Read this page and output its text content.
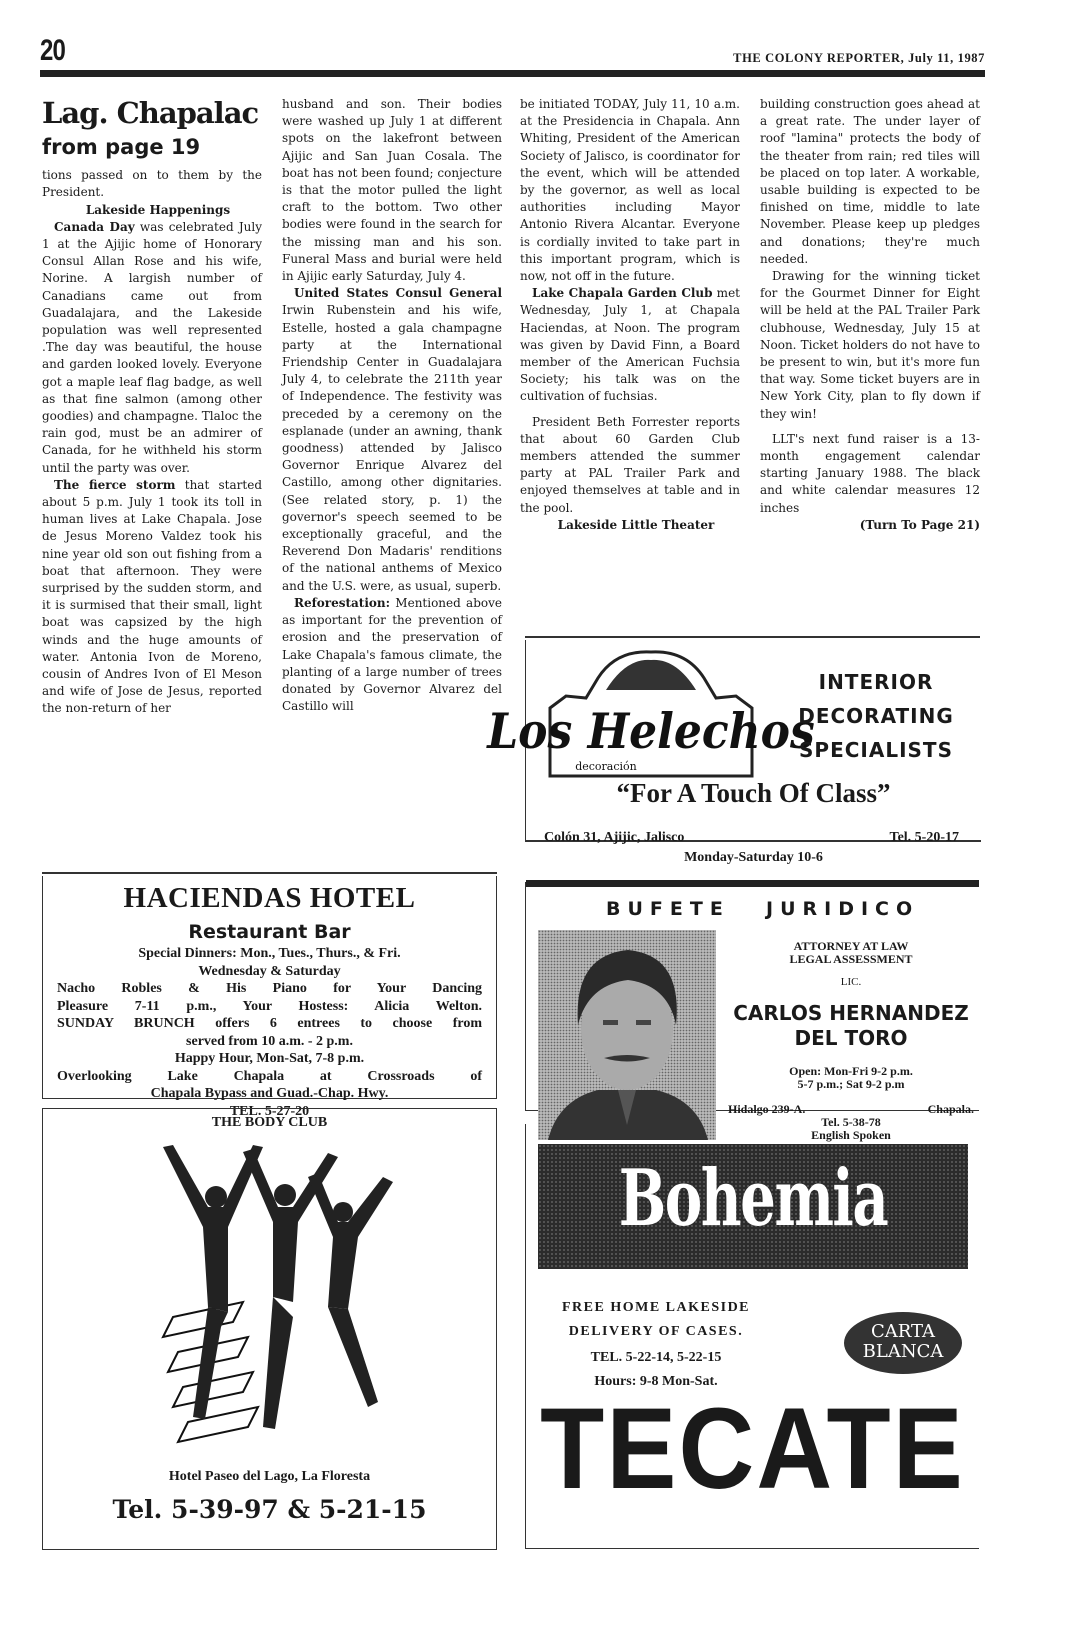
20	THE COLONY REPORTER, July 11, 1987

Lag. Chapalac

from page 19

tions passed on to them by the President.

Lakeside Happenings

Canada Day was celebrated July 1 at the Ajijic home of Honorary Consul Allan Rose and his wife, Norine. A largish number of Canadians came out from Guadalajara, and the Lakeside population was well represented .The day was beautiful, the house and garden looked lovely. Everyone got a maple leaf flag badge, as well as that fine salmon (among other goodies) and champagne. Tlaloc the rain god, must be an admirer of Canada, for he withheld his storm until the party was over.

The fierce storm that started about 5 p.m. July 1 took its toll in human lives at Lake Chapala. Jose de Jesus Moreno Valdez took his nine year old son out fishing from a boat that afternoon. They were surprised by the sudden storm, and it is surmised that their small, light boat was capsized by the high winds and the huge amounts of water. Antonia Ivon de Moreno, cousin of Andres Ivon of El Meson and wife of Jose de Jesus, reported the non-return of her

husband and son. Their bodies were washed up July 1 at different spots on the lakefront between Ajijic and San Juan Cosala. The boat has not been found; conjecture is that the motor pulled the light craft to the bottom. Two other bodies were found in the search for the missing man and his son. Funeral Mass and burial were held in Ajijic early Saturday, July 4.

United States Consul General Irwin Rubenstein and his wife, Estelle, hosted a gala champagne party at the International Friendship Center in Guadalajara July 4, to celebrate the 211th year of Independence. The festivity was preceded by a ceremony on the esplanade (under an awning, thank goodness) attended by Jalisco Governor Enrique Alvarez del Castillo, among other dignitaries. (See related story, p. 1) the governor's speech seemed to be exceptionally graceful, and the Reverend Don Madaris' renditions of the national anthems of Mexico and the U.S. were, as usual, superb.

Reforestation: Mentioned above as important for the prevention of erosion and the preservation of Lake Chapala's famous climate, the planting of a large number of trees donated by Governor Alvarez del Castillo will

be initiated TODAY, July 11, 10 a.m. at the Presidencia in Chapala. Ann Whiting, President of the American Society of Jalisco, is coordinator for the event, which will be attended by the governor, as well as local authorities including Mayor Antonio Rivera Alcantar. Everyone is cordially invited to take part in this important program, which is now, not off in the future.

Lake Chapala Garden Club met Wednesday, July 1, at Chapala Haciendas, at Noon. The program was given by David Finn, a Board member of the American Fuchsia Society; his talk was on the cultivation of fuchsias.

President Beth Forrester reports that about 60 Garden Club members attended the summer party at PAL Trailer Park and enjoyed themselves at table and in the pool.

Lakeside Little Theater

building construction goes ahead at a great rate. The under layer of roof "lamina" protects the body of the theater from rain; red tiles will be placed on top later. A workable, usable building is expected to be finished on time, middle to late November. Please keep up pledges and donations; they're much needed.

Drawing for the winning ticket for the Gourmet Dinner for Eight will be held at the PAL Trailer Park clubhouse, Wednesday, July 15 at Noon. Ticket holders do not have to be present to win, but it's more fun that way. Some ticket buyers are in New York City, plan to fly down if they win!

LLT's next fund raiser is a 13-month engagement calendar starting January 1988. The black and white calendar measures 12 inches

(Turn To Page 21)

Los Helechos
decoración
INTERIOR
DECORATING
SPECIALISTS
“For A Touch Of Class”
Colón 31, Ajijic, Jalisco	Tel. 5-20-17
Monday-Saturday 10-6
HACIENDAS HOTEL
Restaurant Bar
Special Dinners: Mon., Tues., Thurs., & Fri.
Wednesday & Saturday
Nacho Robles & His Piano for Your Dancing
Pleasure 7-11 p.m., Your Hostess: Alicia Welton.
SUNDAY BRUNCH offers 6 entrees to choose from
served from 10 a.m. - 2 p.m.
Happy Hour, Mon-Sat, 7-8 p.m.
Overlooking Lake Chapala at Crossroads of
Chapala Bypass and Guad.-Chap. Hwy.
TEL. 5-27-20
BUFETE JURIDICO
ATTORNEY AT LAW
LEGAL ASSESSMENT
LIC.
CARLOS HERNANDEZ
DEL TORO
Open: Mon-Fri 9-2 p.m.
5-7 p.m.; Sat 9-2 p.m
Hidalgo 239-A.	Chapala.
Tel. 5-38-78
English Spoken
THE BODY CLUB
Hotel Paseo del Lago, La Floresta
Tel. 5-39-97 & 5-21-15
Bohemia
FREE HOME LAKESIDE
DELIVERY OF CASES.
TEL. 5-22-14, 5-22-15
Hours: 9-8 Mon-Sat.
CARTA
BLANCA
TECATE
